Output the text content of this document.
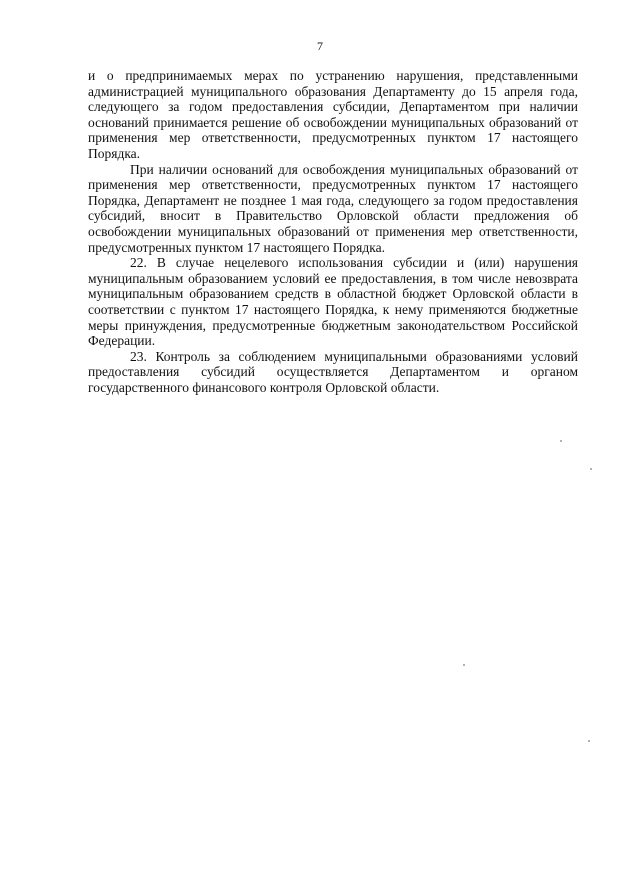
7

и о предпринимаемых мерах по устранению нарушения, представленными администрацией муниципального образования Департаменту до 15 апреля года, следующего за годом предоставления субсидии, Департаментом при наличии оснований принимается решение об освобождении муниципальных образований от применения мер ответственности, предусмотренных пунктом 17 настоящего Порядка.

При наличии оснований для освобождения муниципальных образований от применения мер ответственности, предусмотренных пунктом 17 настоящего Порядка, Департамент не позднее 1 мая года, следующего за годом предоставления субсидий, вносит в Правительство Орловской области предложения об освобождении муниципальных образований от применения мер ответственности, предусмотренных пунктом 17 настоящего Порядка.

22. В случае нецелевого использования субсидии и (или) нарушения муниципальным образованием условий ее предоставления, в том числе невозврата муниципальным образованием средств в областной бюджет Орловской области в соответствии с пунктом 17 настоящего Порядка, к нему применяются бюджетные меры принуждения, предусмотренные бюджетным законодательством Российской Федерации.

23. Контроль за соблюдением муниципальными образованиями условий предоставления субсидий осуществляется Департаментом и органом государственного финансового контроля Орловской области.
